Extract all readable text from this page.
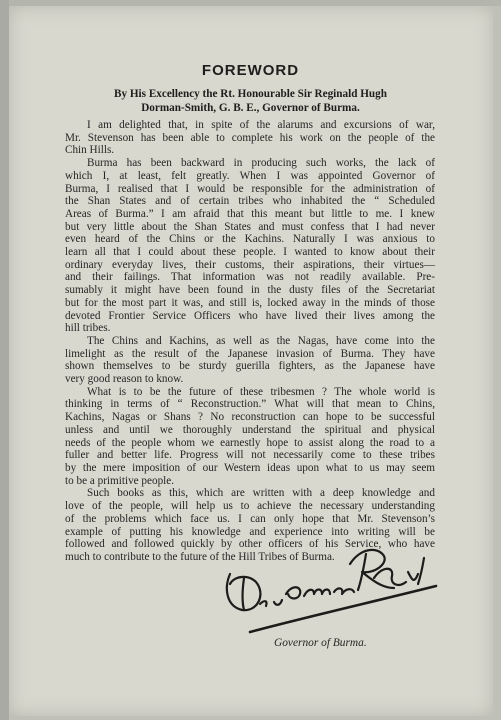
FOREWORD
By His Excellency the Rt. Honourable Sir Reginald Hugh
Dorman-Smith, G. B. E., Governor of Burma.
I am delighted that, in spite of the alarums and excursions of war,
Mr. Stevenson has been able to complete his work on the people of the
Chin Hills.
Burma has been backward in producing such works, the lack of
which I, at least, felt greatly. When I was appointed Governor of
Burma, I realised that I would be responsible for the administration of
the Shan States and of certain tribes who inhabited the “ Scheduled
Areas of Burma.” I am afraid that this meant but little to me. I knew
but very little about the Shan States and must confess that I had never
even heard of the Chins or the Kachins. Naturally I was anxious to
learn all that I could about these people. I wanted to know about their
ordinary everyday lives, their customs, their aspirations, their virtues—
and their failings. That information was not readily available. Pre-
sumably it might have been found in the dusty files of the Secretariat
but for the most part it was, and still is, locked away in the minds of those
devoted Frontier Service Officers who have lived their lives among the
hill tribes.
The Chins and Kachins, as well as the Nagas, have come into the
limelight as the result of the Japanese invasion of Burma. They have
shown themselves to be sturdy guerilla fighters, as the Japanese have
very good reason to know.
What is to be the future of these tribesmen ? The whole world is
thinking in terms of “ Reconstruction.” What will that mean to Chins,
Kachins, Nagas or Shans ? No reconstruction can hope to be successful
unless and until we thoroughly understand the spiritual and physical
needs of the people whom we earnestly hope to assist along the road to a
fuller and better life. Progress will not necessarily come to these tribes
by the mere imposition of our Western ideas upon what to us may seem
to be a primitive people.
Such books as this, which are written with a deep knowledge and
love of the people, will help us to achieve the necessary understanding
of the problems which face us. I can only hope that Mr. Stevenson’s
example of putting his knowledge and experience into writing will be
followed and followed quickly by other officers of his Service, who have
much to contribute to the future of the Hill Tribes of Burma.
Governor of Burma.
